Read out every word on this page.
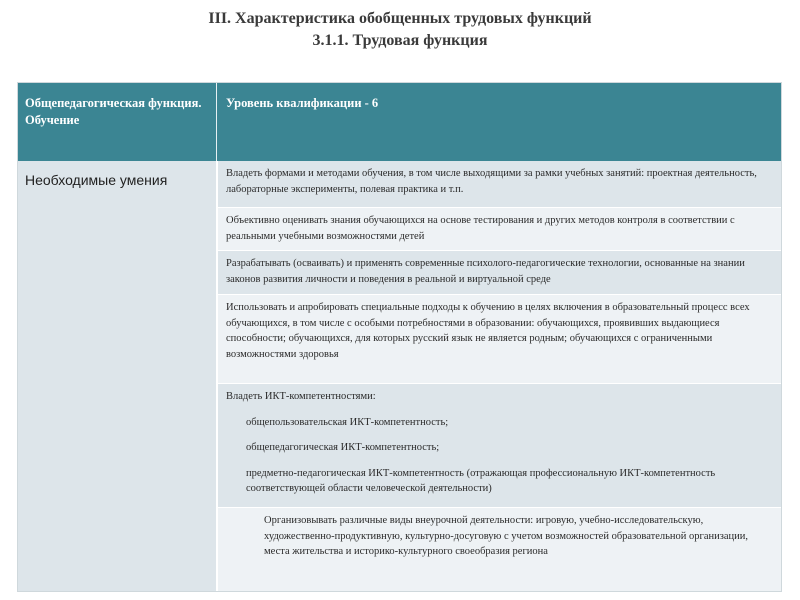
III. Характеристика обобщенных трудовых функций
3.1.1. Трудовая функция
Общепедагогическая функция. Обучение
Уровень квалификации - 6
Необходимые умения	Владеть формами и методами обучения, в том числе выходящими за рамки учебных занятий: проектная деятельность, лабораторные эксперименты, полевая практика и т.п.
Объективно оценивать знания обучающихся на основе тестирования и других методов контроля в соответствии с реальными учебными возможностями детей
Разрабатывать (осваивать) и применять современные психолого-педагогические технологии, основанные на знании законов развития личности и поведения в реальной и виртуальной среде
Использовать и апробировать специальные подходы к обучению в целях включения в образовательный процесс всех обучающихся, в том числе с особыми потребностями в образовании: обучающихся, проявивших выдающиеся способности; обучающихся, для которых русский язык не является родным; обучающихся с ограниченными возможностями здоровья
Владеть ИКТ-компетентностями:
общепользовательская ИКТ-компетентность;
общепедагогическая ИКТ-компетентность;
предметно-педагогическая ИКТ-компетентность (отражающая профессиональную ИКТ-компетентность соответствующей области человеческой деятельности)
Организовывать различные виды внеурочной деятельности: игровую, учебно-исследовательскую, художественно-продуктивную, культурно-досуговую с учетом возможностей образовательной организации, места жительства и историко-культурного своеобразия региона
